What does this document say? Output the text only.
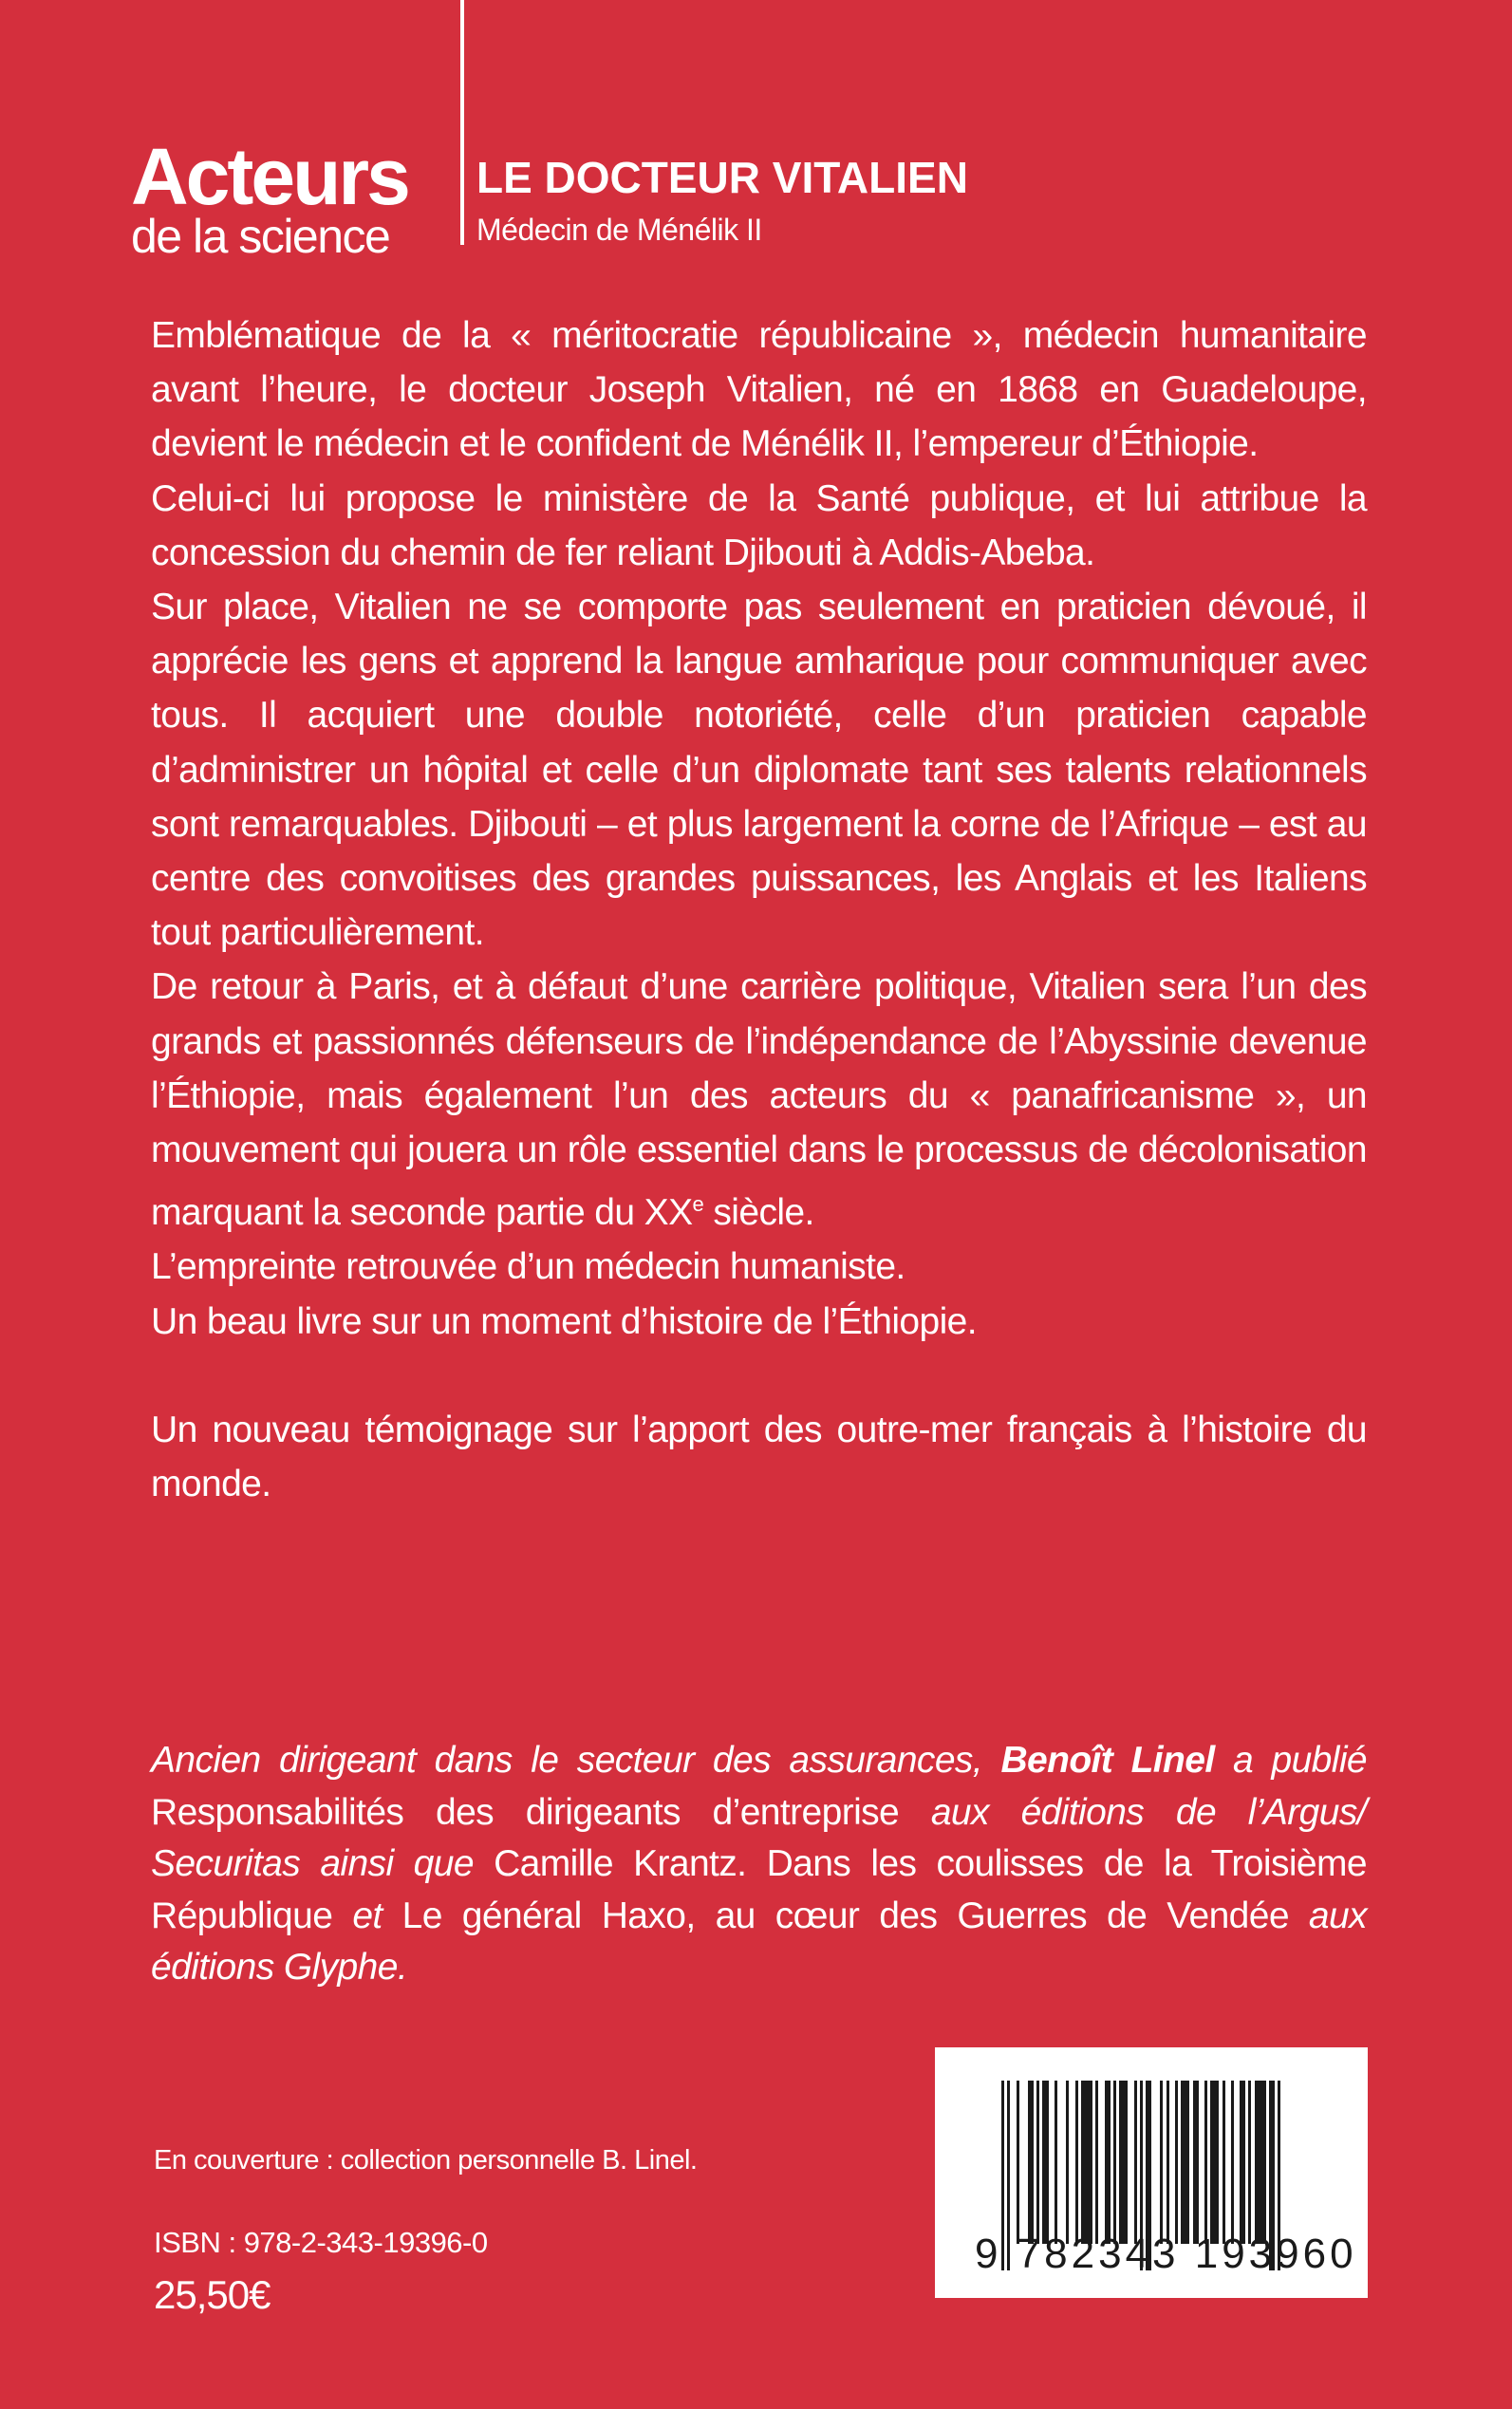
Acteurs
de la science
LE DOCTEUR VITALIEN
Médecin de Ménélik II

Emblématique de la « méritocratie républicaine », médecin humanitaire avant l’heure, le docteur Joseph Vitalien, né en 1868 en Guadeloupe, devient le médecin et le confident de Ménélik II, l’empereur d’Éthiopie.

Celui-ci lui propose le ministère de la Santé publique, et lui attribue la concession du chemin de fer reliant Djibouti à Addis-Abeba.

Sur place, Vitalien ne se comporte pas seulement en praticien dévoué, il apprécie les gens et apprend la langue amharique pour communiquer avec tous. Il acquiert une double notoriété, celle d’un praticien capable d’administrer un hôpital et celle d’un diplomate tant ses talents relationnels sont remarquables. Djibouti – et plus largement la corne de l’Afrique – est au centre des convoitises des grandes puissances, les Anglais et les Italiens tout particulièrement.

De retour à Paris, et à défaut d’une carrière politique, Vitalien sera l’un des grands et passionnés défenseurs de l’indépendance de l’Abyssinie devenue l’Éthiopie, mais également l’un des acteurs du « panafricanisme », un mouvement qui jouera un rôle essentiel dans le processus de décolonisation marquant la seconde partie du XXe siècle.

L’empreinte retrouvée d’un médecin humaniste.

Un beau livre sur un moment d’histoire de l’Éthiopie.

Un nouveau témoignage sur l’apport des outre-mer français à l’histoire du monde.

Ancien dirigeant dans le secteur des assurances, Benoît Linel a publié Responsabilités des dirigeants d’entreprise aux éditions de l’Argus/ Securitas ainsi que Camille Krantz. Dans les coulisses de la Troisième République et Le général Haxo, au cœur des Guerres de Vendée aux éditions Glyphe.
En couverture : collection personnelle B. Linel.
ISBN : 978-2-343-19396-0
25,50€
9 782343 193960
